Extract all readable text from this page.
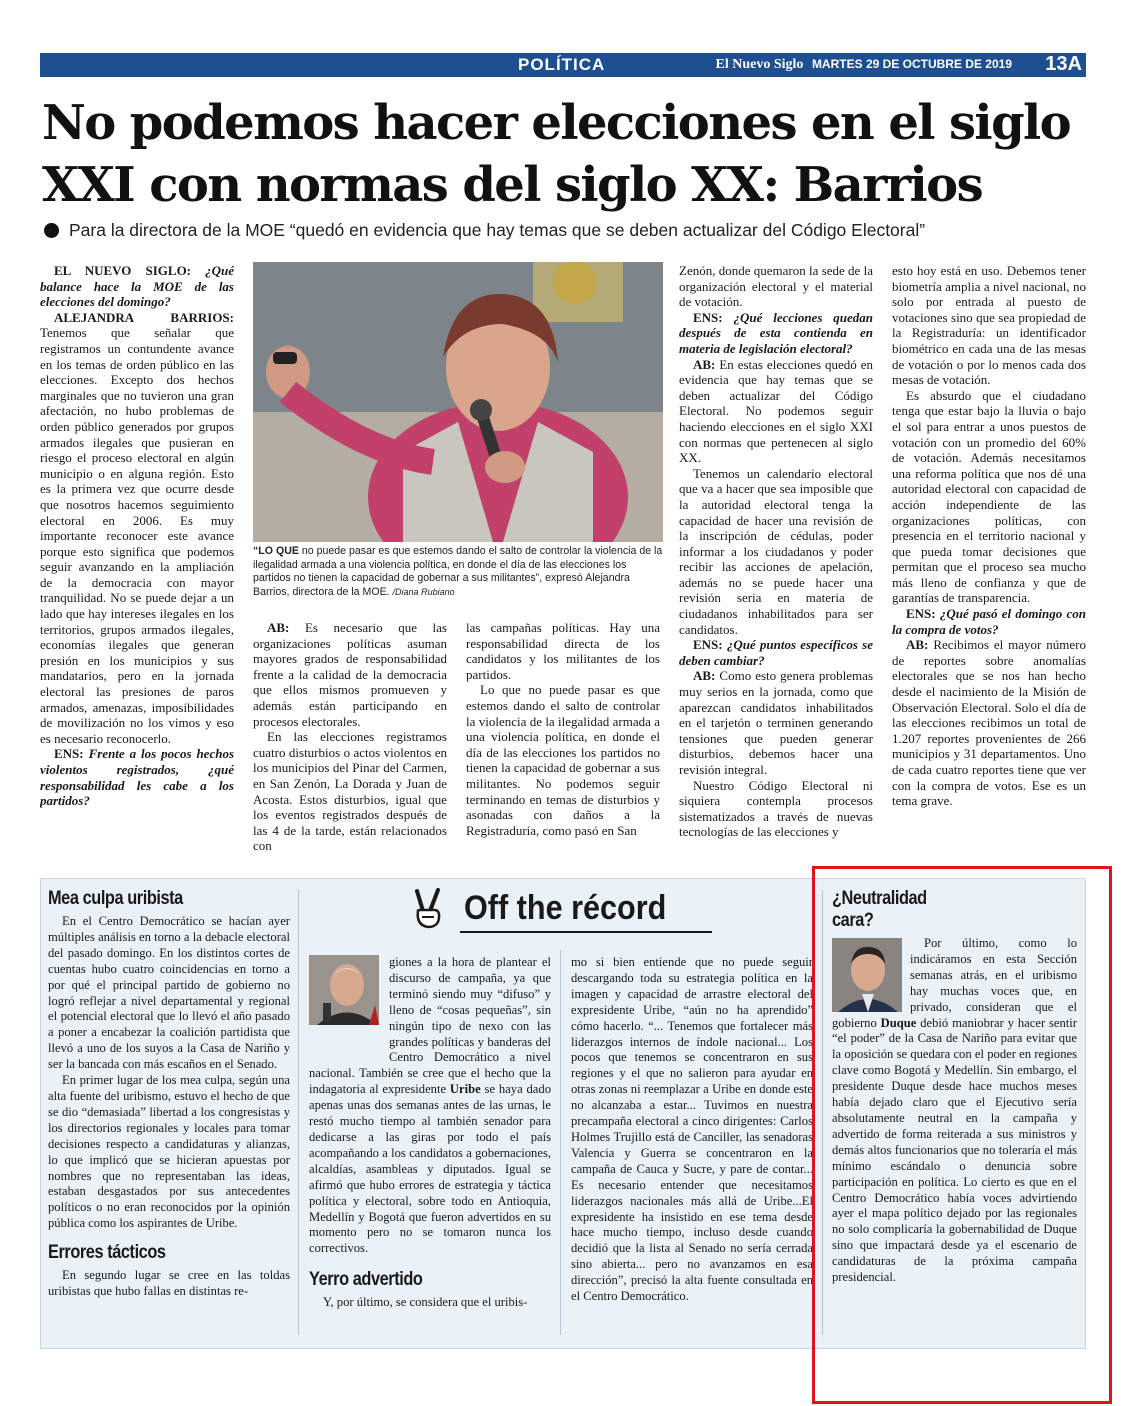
POLÍTICA	El Nuevo Siglo MARTES 29 DE OCTUBRE DE 2019 13A
No podemos hacer elecciones en el siglo XXI con normas del siglo XX: Barrios
Para la directora de la MOE “quedó en evidencia que hay temas que se deben actualizar del Código Electoral”

EL NUEVO SIGLO: ¿Qué balance hace la MOE de las elecciones del domingo?

ALEJANDRA BARRIOS: Tenemos que señalar que registramos un contundente avance en los temas de orden público en las elecciones. Excepto dos hechos marginales que no tuvieron una gran afectación, no hubo problemas de orden público generados por grupos armados ilegales que pusieran en riesgo el proceso electoral en algún municipio o en alguna región. Esto es la primera vez que ocurre desde que nosotros hacemos seguimiento electoral en 2006. Es muy importante reconocer este avance porque esto significa que podemos seguir avanzando en la ampliación de la democracia con mayor tranquilidad. No se puede dejar a un lado que hay intereses ilegales en los territorios, grupos armados ilegales, economías ilegales que generan presión en los municipios y sus mandatarios, pero en la jornada electoral las presiones de paros armados, amenazas, imposibilidades de movilización no los vimos y eso es necesario reconocerlo.

ENS: Frente a los pocos hechos violentos registrados, ¿qué responsabilidad les cabe a los partidos?

“LO QUE no puede pasar es que estemos dando el salto de controlar la violencia de la ilegalidad armada a una violencia política, en donde el día de las elecciones los partidos no tienen la capacidad de gobernar a sus militantes”, expresó Alejandra Barrios, directora de la MOE. /Diana Rubiano

AB: Es necesario que las organizaciones políticas asuman mayores grados de responsabilidad frente a la calidad de la democracia que ellos mismos promueven y además están participando en procesos electorales.

En las elecciones registramos cuatro disturbios o actos violentos en los municipios del Pinar del Carmen, en San Zenón, La Dorada y Juan de Acosta. Estos disturbios, igual que los eventos registrados después de las 4 de la tarde, están relacionados con

las campañas políticas. Hay una responsabilidad directa de los candidatos y los militantes de los partidos.

Lo que no puede pasar es que estemos dando el salto de controlar la violencia de la ilegalidad armada a una violencia política, en donde el día de las elecciones los partidos no tienen la capacidad de gobernar a sus militantes. No podemos seguir terminando en temas de disturbios y asonadas con daños a la Registraduría, como pasó en San

Zenón, donde quemaron la sede de la organización electoral y el material de votación.

ENS: ¿Qué lecciones quedan después de esta contienda en materia de legislación electoral?

AB: En estas elecciones quedó en evidencia que hay temas que se deben actualizar del Código Electoral. No podemos seguir haciendo elecciones en el siglo XXI con normas que pertenecen al siglo XX.

Tenemos un calendario electoral que va a hacer que sea imposible que la autoridad electoral tenga la capacidad de hacer una revisión de la inscripción de cédulas, poder informar a los ciudadanos y poder recibir las acciones de apelación, además no se puede hacer una revisión seria en materia de ciudadanos inhabilitados para ser candidatos.

ENS: ¿Qué puntos específicos se deben cambiar?

AB: Como esto genera problemas muy serios en la jornada, como que aparezcan candidatos inhabilitados en el tarjetón o terminen generando tensiones que pueden generar disturbios, debemos hacer una revisión integral.

Nuestro Código Electoral ni siquiera contempla procesos sistematizados a través de nuevas tecnologías de las elecciones y

esto hoy está en uso. Debemos tener biometría amplia a nivel nacional, no solo por entrada al puesto de votaciones sino que sea propiedad de la Registraduría: un identificador biométrico en cada una de las mesas de votación o por lo menos cada dos mesas de votación.

Es absurdo que el ciudadano tenga que estar bajo la lluvia o bajo el sol para entrar a unos puestos de votación con un promedio del 60% de votación. Además necesitamos una reforma política que nos dé una autoridad electoral con capacidad de acción independiente de las organizaciones políticas, con presencia en el territorio nacional y que pueda tomar decisiones que permitan que el proceso sea mucho más lleno de confianza y que de garantías de transparencia.

ENS: ¿Qué pasó el domingo con la compra de votos?

AB: Recibimos el mayor número de reportes sobre anomalías electorales que se nos han hecho desde el nacimiento de la Misión de Observación Electoral. Solo el día de las elecciones recibimos un total de 1.207 reportes provenientes de 266 municipios y 31 departamentos. Uno de cada cuatro reportes tiene que ver con la compra de votos. Ese es un tema grave.

Off the récord
Mea culpa uribista

En el Centro Democrático se hacían ayer múltiples análisis en torno a la debacle electoral del pasado domingo. En los distintos cortes de cuentas hubo cuatro coincidencias en torno a por qué el principal partido de gobierno no logró reflejar a nivel departamental y regional el potencial electoral que lo llevó el año pasado a poner a encabezar la coalición partidista que llevó a uno de los suyos a la Casa de Nariño y ser la bancada con más escaños en el Senado.

En primer lugar de los mea culpa, según una alta fuente del uribismo, estuvo el hecho de que se dio “demasiada” libertad a los congresistas y los directorios regionales y locales para tomar decisiones respecto a candidaturas y alianzas, lo que implicó que se hicieran apuestas por nombres que no representaban las ideas, estaban desgastados por sus antecedentes políticos o no eran reconocidos por la opinión pública como los aspirantes de Uribe.

Errores tácticos

En segundo lugar se cree en las toldas uribistas que hubo fallas en distintas re-

giones a la hora de plantear el discurso de campaña, ya que terminó siendo muy “difuso” y lleno de “cosas pequeñas”, sin ningún tipo de nexo con las grandes políticas y banderas del Centro Democrático a nivel nacional. También se cree que el hecho que la indagatoria al expresidente Uribe se haya dado apenas unas dos semanas antes de las urnas, le restó mucho tiempo al también senador para dedicarse a las giras por todo el país acompañando a los candidatos a gobernaciones, alcaldías, asambleas y diputados. Igual se afirmó que hubo errores de estrategia y táctica política y electoral, sobre todo en Antioquia, Medellín y Bogotá que fueron advertidos en su momento pero no se tomaron nunca los correctivos.

Yerro advertido

Y, por último, se considera que el uribis-

mo si bien entiende que no puede seguir descargando toda su estrategia política en la imagen y capacidad de arrastre electoral del expresidente Uribe, “aún no ha aprendido” cómo hacerlo. “... Tenemos que fortalecer más liderazgos internos de índole nacional... Los pocos que tenemos se concentraron en sus regiones y el que no salieron para ayudar en otras zonas ni reemplazar a Uribe en donde este no alcanzaba a estar... Tuvimos en nuestra precampaña electoral a cinco dirigentes: Carlos Holmes Trujillo está de Canciller, las senadoras Valencia y Guerra se concentraron en la campaña de Cauca y Sucre, y pare de contar... Es necesario entender que necesitamos liderazgos nacionales más allá de Uribe...El expresidente ha insistido en ese tema desde hace mucho tiempo, incluso desde cuando decidió que la lista al Senado no sería cerrada sino abierta... pero no avanzamos en esa dirección”, precisó la alta fuente consultada en el Centro Democrático.

¿Neutralidad cara?

Por último, como lo indicáramos en esta Sección semanas atrás, en el uribismo hay muchas voces que, en privado, consideran que el gobierno Duque debió maniobrar y hacer sentir “el poder” de la Casa de Nariño para evitar que la oposición se quedara con el poder en regiones clave como Bogotá y Medellín. Sin embargo, el presidente Duque desde hace muchos meses había dejado claro que el Ejecutivo sería absolutamente neutral en la campaña y advertido de forma reiterada a sus ministros y demás altos funcionarios que no toleraría el más mínimo escándalo o denuncia sobre participación en política. Lo cierto es que en el Centro Democrático había voces advirtiendo ayer el mapa político dejado por las regionales no solo complicaría la gobernabilidad de Duque sino que impactará desde ya el escenario de candidaturas de la próxima campaña presidencial.
